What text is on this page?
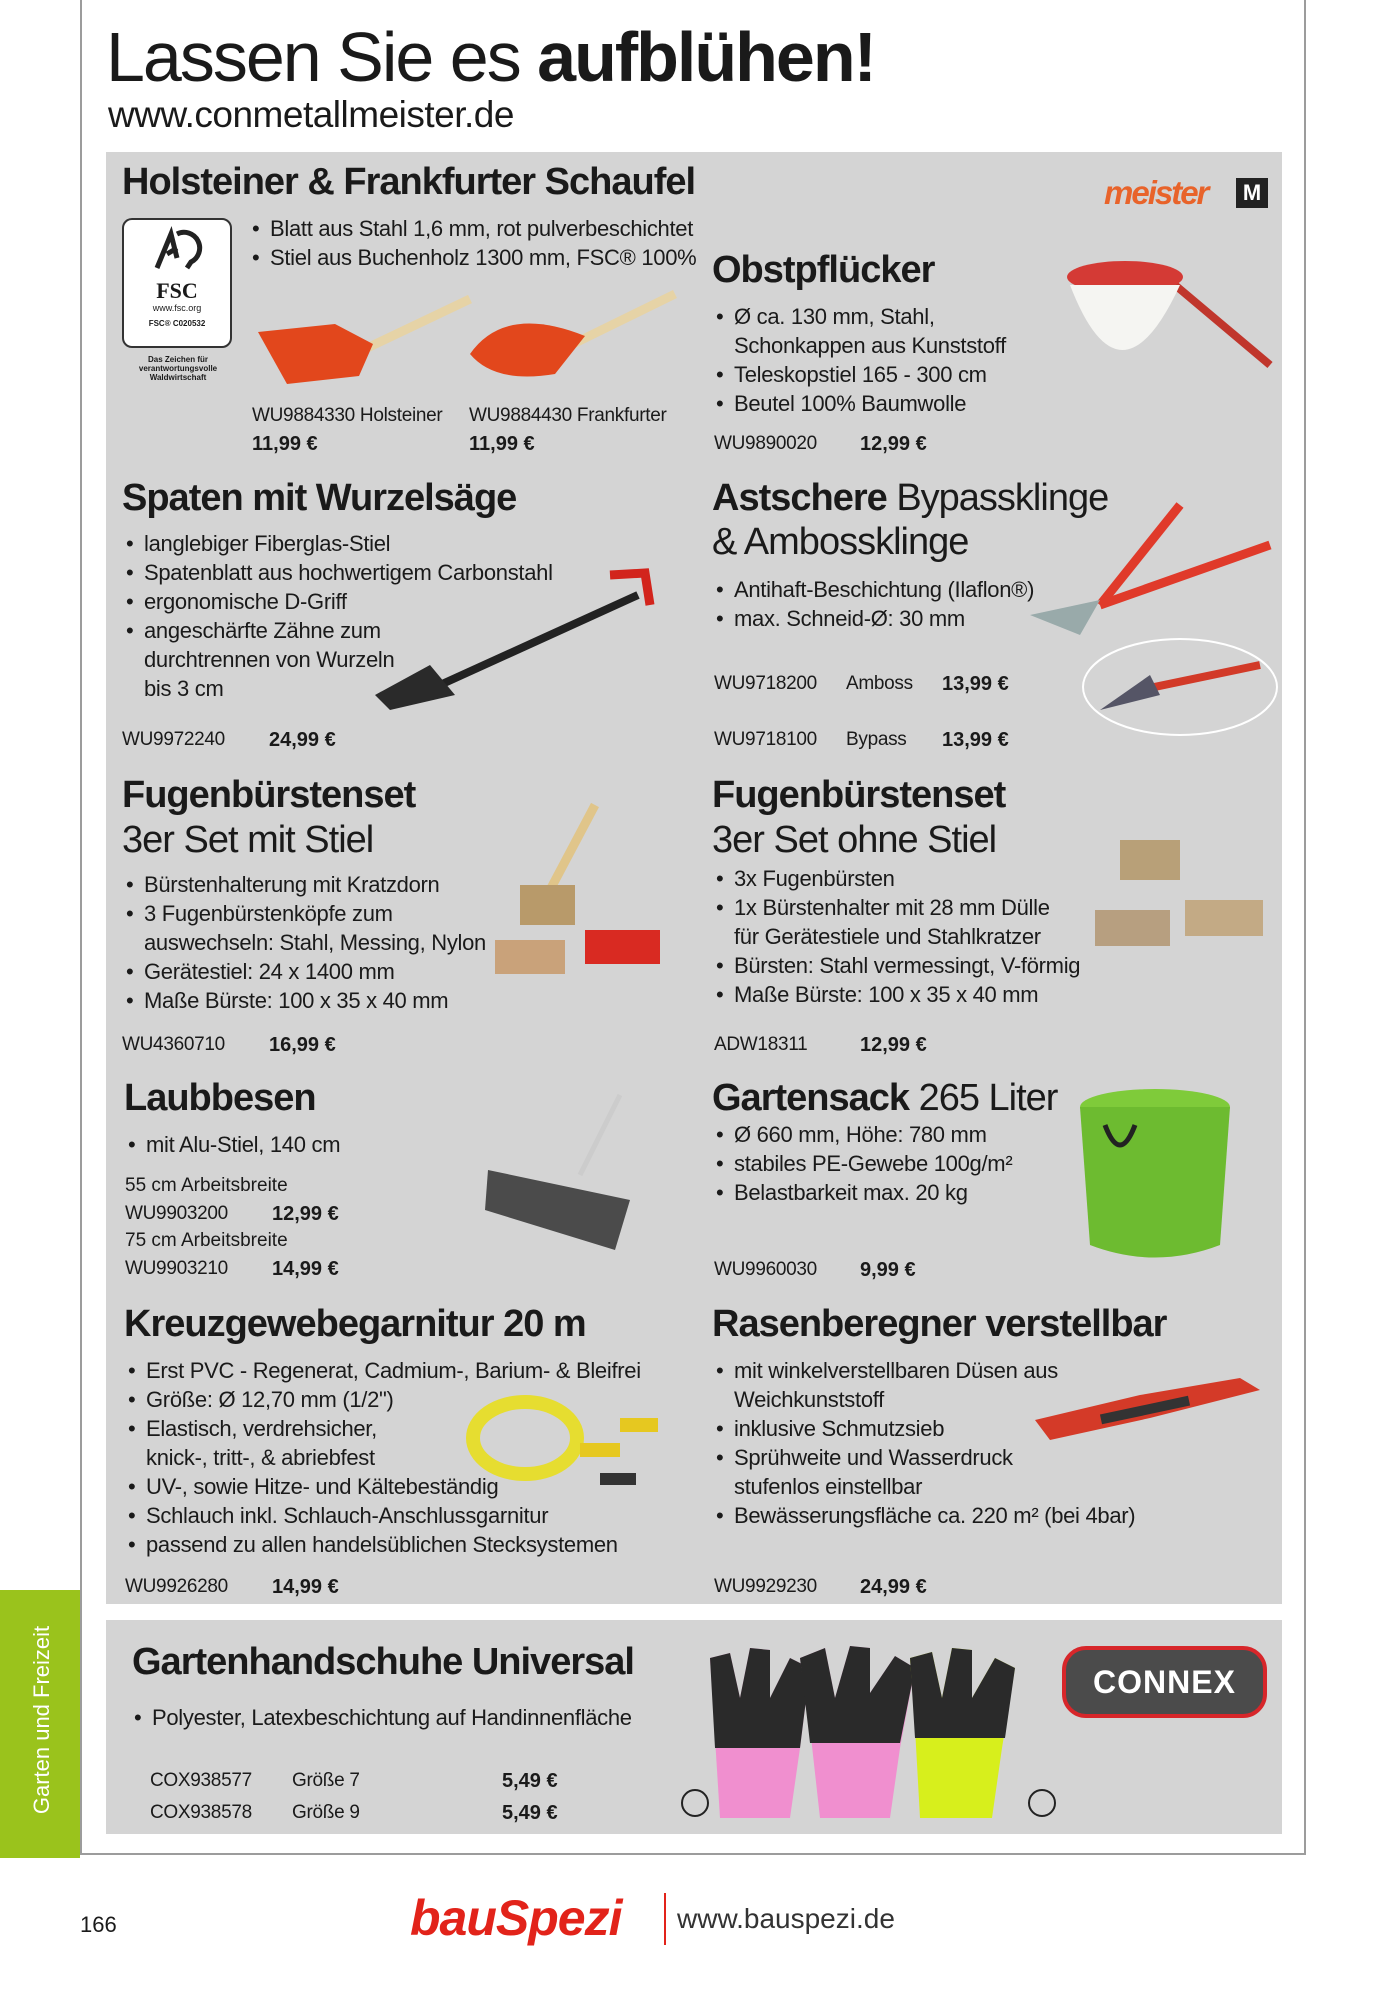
Lassen Sie es aufblühen!
www.conmetallmeister.de
meister	M
Holsteiner & Frankfurter Schaufel
FSC
www.fsc.org
FSC® C020532
Das Zeichen für verantwortungsvolle Waldwirtschaft
• Blatt aus Stahl 1,6 mm, rot pulverbeschichtet
• Stiel aus Buchenholz 1300 mm, FSC® 100%
WU9884330 Holsteiner
11,99 €
WU9884430 Frankfurter
11,99 €
Obstpflücker
• Ø ca. 130 mm, Stahl,
Schonkappen aus Kunststoff
• Teleskopstiel 165 - 300 cm
• Beutel 100% Baumwolle
WU9890020 12,99 €
Spaten mit Wurzelsäge
• langlebiger Fiberglas-Stiel
• Spatenblatt aus hochwertigem Carbonstahl
• ergonomische D-Griff
• angeschärfte Zähne zum
durchtrennen von Wurzeln
bis 3 cm
WU9972240 24,99 €
Astschere Bypassklinge
& Ambossklinge
• Antihaft-Beschichtung (Ilaflon®)
• max. Schneid-Ø: 30 mm
WU9718200 Amboss 13,99 €
WU9718100 Bypass 13,99 €
Fugenbürstenset
3er Set mit Stiel
• Bürstenhalterung mit Kratzdorn
• 3 Fugenbürstenköpfe zum
auswechseln: Stahl, Messing, Nylon
• Gerätestiel: 24 x 1400 mm
• Maße Bürste: 100 x 35 x 40 mm
WU4360710 16,99 €
Fugenbürstenset
3er Set ohne Stiel
• 3x Fugenbürsten
• 1x Bürstenhalter mit 28 mm Dülle
für Gerätestiele und Stahlkratzer
• Bürsten: Stahl vermessingt, V-förmig
• Maße Bürste: 100 x 35 x 40 mm
ADW18311	12,99 €
Laubbesen
• mit Alu-Stiel, 140 cm
55 cm Arbeitsbreite
WU9903200 12,99 €
75 cm Arbeitsbreite
WU9903210 14,99 €
Gartensack 265 Liter
• Ø 660 mm, Höhe: 780 mm
• stabiles PE-Gewebe 100g/m²
• Belastbarkeit max. 20 kg
WU9960030 9,99 €
Kreuzgewebegarnitur 20 m
• Erst PVC - Regenerat, Cadmium-, Barium- & Bleifrei
• Größe: Ø 12,70 mm (1/2")
• Elastisch, verdrehsicher,
knick-, tritt-, & abriebfest
• UV-, sowie Hitze- und Kältebeständig
• Schlauch inkl. Schlauch-Anschlussgarnitur
• passend zu allen handelsüblichen Stecksystemen
WU9926280 14,99 €
Rasenberegner verstellbar
• mit winkelverstellbaren Düsen aus
Weichkunststoff
• inklusive Schmutzsieb
• Sprühweite und Wasserdruck
stufenlos einstellbar
• Bewässerungsfläche ca. 220 m² (bei 4bar)
WU9929230 24,99 €
Gartenhandschuhe Universal
• Polyester, Latexbeschichtung auf Handinnenfläche
COX938577 Größe 7	5,49 €
COX938578 Größe 9	5,49 €
CONNEX
Garten und Freizeit
166	bauSpezi www.bauspezi.de
